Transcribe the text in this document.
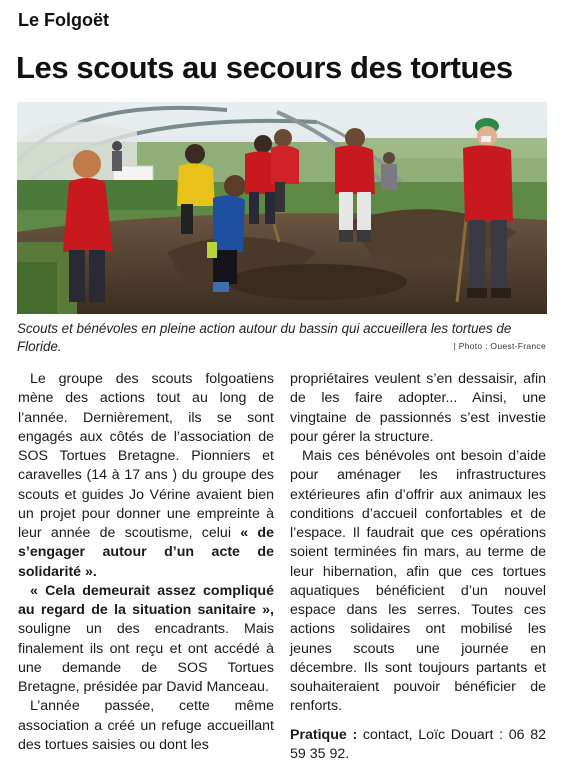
Le Folgoët
Les scouts au secours des tortues
Scouts et bénévoles en pleine action autour du bassin qui accueillera les tortues de Floride.	| Photo : Ouest-France

Le groupe des scouts folgoatiens mène des actions tout au long de l’année. Dernièrement, ils se sont engagés aux côtés de l’association de SOS Tortues Bretagne. Pionniers et caravelles (14 à 17 ans ) du groupe des scouts et guides Jo Vérine avaient bien un projet pour donner une empreinte à leur année de scoutisme, celui « de s’engager autour d’un acte de solidarité ».

« Cela demeurait assez compliqué au regard de la situation sanitaire », souligne un des encadrants. Mais finalement ils ont reçu et ont accédé à une demande de SOS Tortues Bretagne, présidée par David Manceau.

L’année passée, cette même association a créé un refuge accueillant des tortues saisies ou dont les

propriétaires veulent s’en dessaisir, afin de les faire adopter... Ainsi, une vingtaine de passionnés s’est investie pour gérer la structure.

Mais ces bénévoles ont besoin d’aide pour aménager les infrastructures extérieures afin d’offrir aux animaux les conditions d’accueil confortables et de l’espace. Il faudrait que ces opérations soient terminées fin mars, au terme de leur hibernation, afin que ces tortues aquatiques bénéficient d’un nouvel espace dans les serres. Toutes ces actions solidaires ont mobilisé les jeunes scouts une journée en décembre. Ils sont toujours partants et souhaiteraient pouvoir bénéficier de renforts.

Pratique : contact, Loïc Douart : 06 82 59 35 92.
